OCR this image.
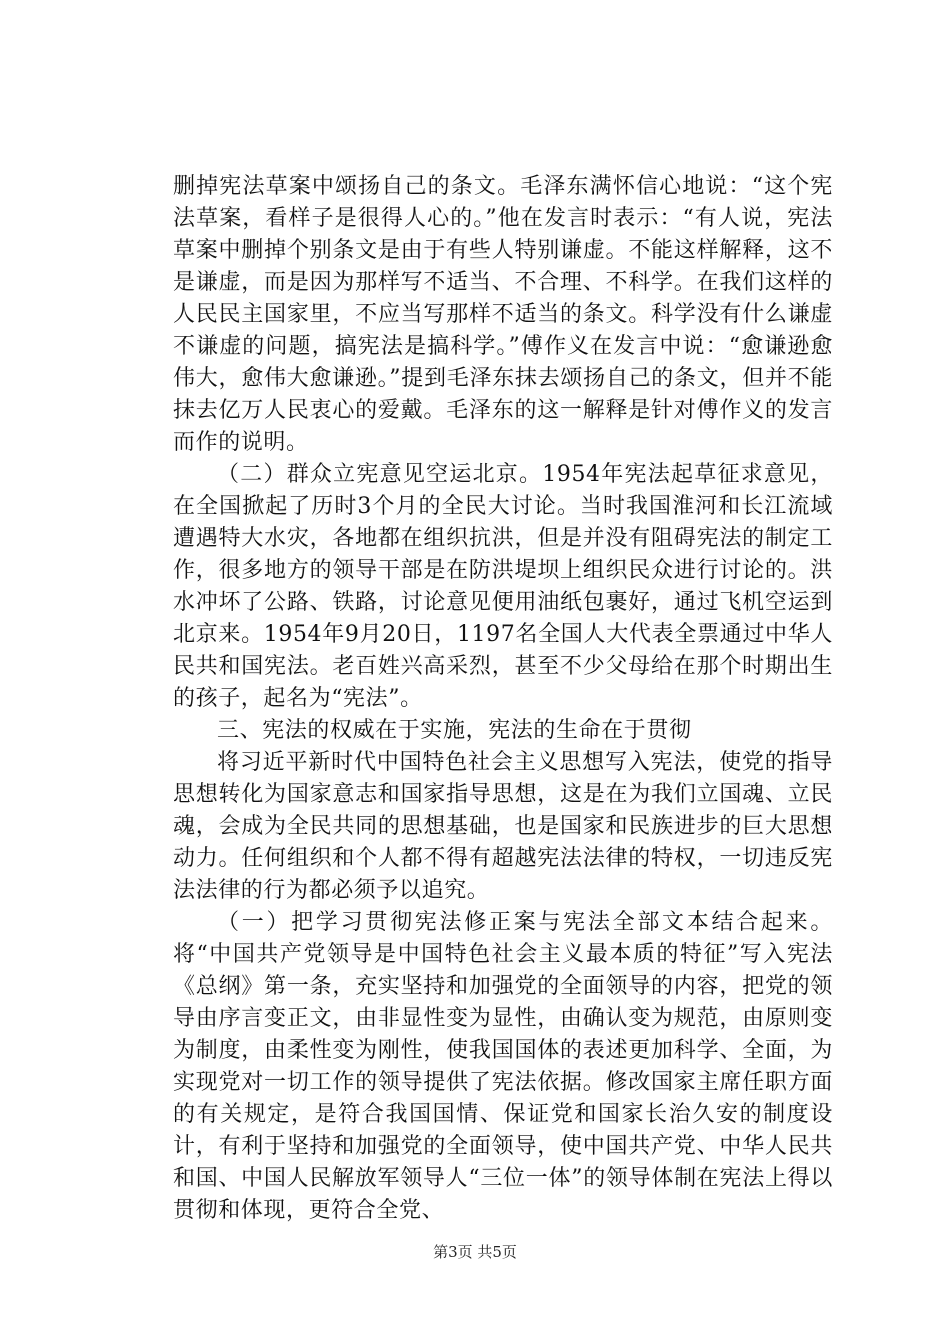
删掉宪法草案中颂扬自己的条文。毛泽东满怀信心地说：“这个宪法草案，看样子是很得人心的。”他在发言时表示：“有人说，宪法草案中删掉个别条文是由于有些人特别谦虚。不能这样解释，这不是谦虚，而是因为那样写不适当、不合理、不科学。在我们这样的人民民主国家里，不应当写那样不适当的条文。科学没有什么谦虚不谦虚的问题，搞宪法是搞科学。”傅作义在发言中说：“愈谦逊愈伟大，愈伟大愈谦逊。”提到毛泽东抹去颂扬自己的条文，但并不能抹去亿万人民衷心的爱戴。毛泽东的这一解释是针对傅作义的发言而作的说明。

（二）群众立宪意见空运北京。1954年宪法起草征求意见，在全国掀起了历时3个月的全民大讨论。当时我国淮河和长江流域遭遇特大水灾，各地都在组织抗洪，但是并没有阻碍宪法的制定工作，很多地方的领导干部是在防洪堤坝上组织民众进行讨论的。洪水冲坏了公路、铁路，讨论意见便用油纸包裹好，通过飞机空运到北京来。1954年9月20日，1197名全国人大代表全票通过中华人民共和国宪法。老百姓兴高采烈，甚至不少父母给在那个时期出生的孩子，起名为“宪法”。

三、宪法的权威在于实施，宪法的生命在于贯彻

将习近平新时代中国特色社会主义思想写入宪法，使党的指导思想转化为国家意志和国家指导思想，这是在为我们立国魂、立民魂，会成为全民共同的思想基础，也是国家和民族进步的巨大思想动力。任何组织和个人都不得有超越宪法法律的特权，一切违反宪法法律的行为都必须予以追究。

（一）把学习贯彻宪法修正案与宪法全部文本结合起来。将“中国共产党领导是中国特色社会主义最本质的特征”写入宪法《总纲》第一条，充实坚持和加强党的全面领导的内容，把党的领导由序言变正文，由非显性变为显性，由确认变为规范，由原则变为制度，由柔性变为刚性，使我国国体的表述更加科学、全面，为实现党对一切工作的领导提供了宪法依据。修改国家主席任职方面的有关规定，是符合我国国情、保证党和国家长治久安的制度设计，有利于坚持和加强党的全面领导，使中国共产党、中华人民共和国、中国人民解放军领导人“三位一体”的领导体制在宪法上得以贯彻和体现，更符合全党、

第3页 共5页
